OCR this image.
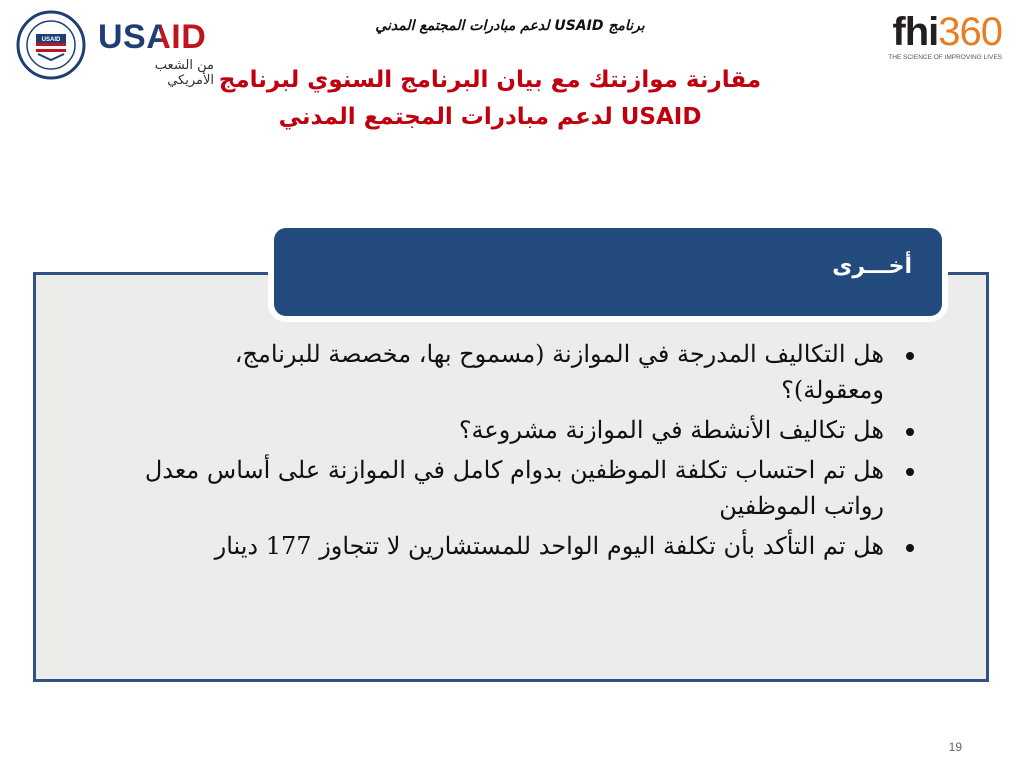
USAID USAID
من الشعب الأمريكي
برنامج USAID لدعم مبادرات المجتمع المدني	fhi360
THE SCIENCE OF IMPROVING LIVES
مقارنة موازنتك مع بيان البرنامج السنوي لبرنامج
USAID لدعم مبادرات المجتمع المدني
أخـــرى
هل التكاليف المدرجة في الموازنة (مسموح بها، مخصصة للبرنامج، ومعقولة)؟
هل تكاليف الأنشطة في الموازنة مشروعة؟
هل تم احتساب تكلفة الموظفين بدوام كامل في الموازنة على أساس معدل رواتب الموظفين
هل تم التأكد بأن تكلفة اليوم الواحد للمستشارين لا تتجاوز 177 دينار
19
